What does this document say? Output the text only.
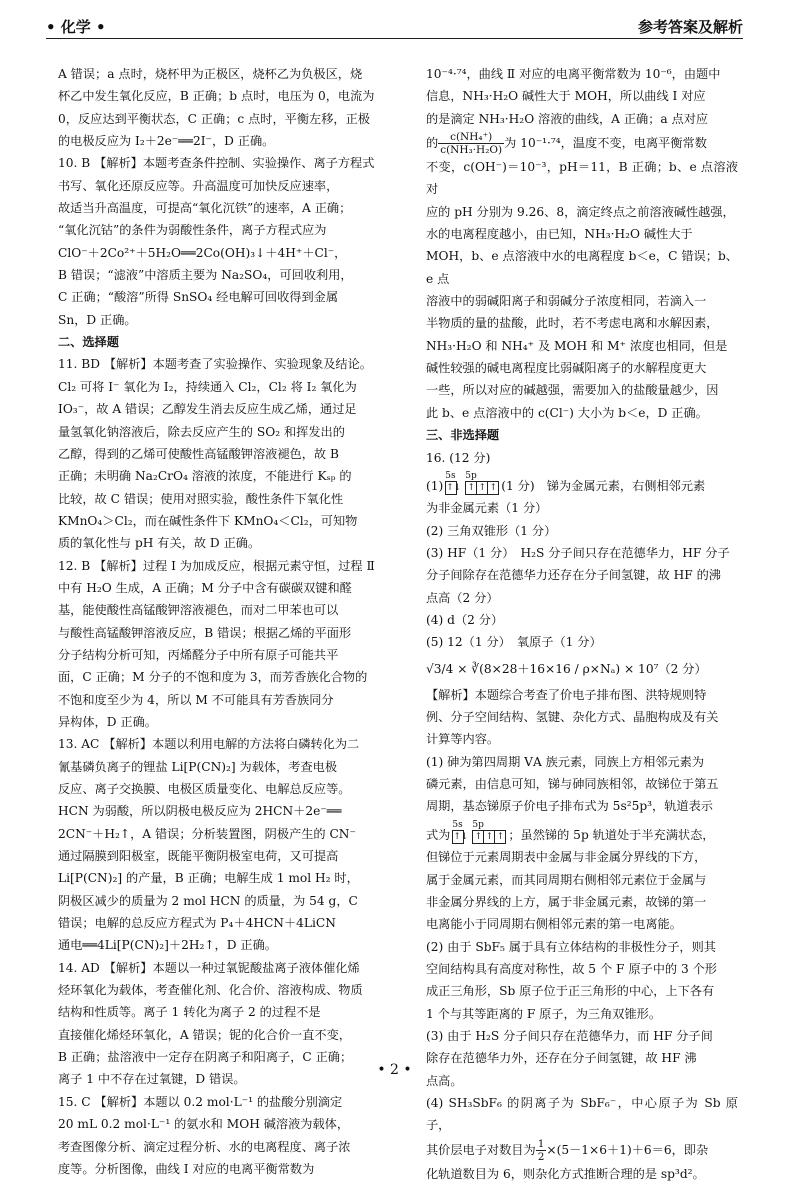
• 化学 •	参考答案及解析

A 错误；a 点时，烧杯甲为正极区，烧杯乙为负极区，烧

杯乙中发生氧化反应，B 正确；b 点时，电压为 0，电流为

0，反应达到平衡状态，C 正确；c 点时，平衡左移，正极

的电极反应为 I₂＋2e⁻══2I⁻，D 正确。

10. B 【解析】本题考查条件控制、实验操作、离子方程式

书写、氧化还原反应等。升高温度可加快反应速率，

故适当升高温度，可提高“氧化沉铁”的速率，A 正确；

“氧化沉钴”的条件为弱酸性条件，离子方程式应为

ClO⁻＋2Co²⁺＋5H₂O══2Co(OH)₃↓＋4H⁺＋Cl⁻，

B 错误；“滤液”中溶质主要为 Na₂SO₄，可回收利用，

C 正确；“酸溶”所得 SnSO₄ 经电解可回收得到金属

Sn，D 正确。

二、选择题

11. BD 【解析】本题考查了实验操作、实验现象及结论。

Cl₂ 可将 I⁻ 氧化为 I₂，持续通入 Cl₂，Cl₂ 将 I₂ 氧化为

IO₃⁻，故 A 错误；乙醇发生消去反应生成乙烯，通过足

量氢氧化钠溶液后，除去反应产生的 SO₂ 和挥发出的

乙醇，得到的乙烯可使酸性高锰酸钾溶液褪色，故 B

正确；未明确 Na₂CrO₄ 溶液的浓度，不能进行 Kₛₚ 的

比较，故 C 错误；使用对照实验，酸性条件下氧化性

KMnO₄＞Cl₂，而在碱性条件下 KMnO₄＜Cl₂，可知物

质的氧化性与 pH 有关，故 D 正确。

12. B 【解析】过程 Ⅰ 为加成反应，根据元素守恒，过程 Ⅱ

中有 H₂O 生成，A 正确；M 分子中含有碳碳双键和醛

基，能使酸性高锰酸钾溶液褪色，而对二甲苯也可以

与酸性高锰酸钾溶液反应，B 错误；根据乙烯的平面形

分子结构分析可知，丙烯醛分子中所有原子可能共平

面，C 正确；M 分子的不饱和度为 3，而芳香族化合物的

不饱和度至少为 4，所以 M 不可能具有芳香族同分

异构体，D 正确。

13. AC 【解析】本题以利用电解的方法将白磷转化为二

氰基磷负离子的锂盐 Li[P(CN)₂] 为载体，考查电极

反应、离子交换膜、电极区质量变化、电解总反应等。

HCN 为弱酸，所以阴极电极反应为 2HCN＋2e⁻══

2CN⁻＋H₂↑，A 错误；分析装置图，阴极产生的 CN⁻

通过隔膜到阳极室，既能平衡阴极室电荷，又可提高

Li[P(CN)₂] 的产量，B 正确；电解生成 1 mol H₂ 时，

阴极区减少的质量为 2 mol HCN 的质量，为 54 g，C

错误；电解的总反应方程式为 P₄＋4HCN＋4LiCN

通电══4Li[P(CN)₂]＋2H₂↑，D 正确。

14. AD 【解析】本题以一种过氧铌酸盐离子液体催化烯

烃环氧化为载体，考查催化剂、化合价、溶液构成、物质

结构和性质等。离子 1 转化为离子 2 的过程不是

直接催化烯烃环氧化，A 错误；铌的化合价一直不变，

B 正确；盐溶液中一定存在阴离子和阳离子，C 正确；

离子 1 中不存在过氧键，D 错误。

15. C 【解析】本题以 0.2 mol·L⁻¹ 的盐酸分别滴定

20 mL 0.2 mol·L⁻¹ 的氨水和 MOH 碱溶液为载体，

考查图像分析、滴定过程分析、水的电离程度、离子浓

度等。分析图像，曲线 Ⅰ 对应的电离平衡常数为

10⁻⁴·⁷⁴，曲线 Ⅱ 对应的电离平衡常数为 10⁻⁶，由题中

信息，NH₃·H₂O 碱性大于 MOH，所以曲线 Ⅰ 对应

的是滴定 NH₃·H₂O 溶液的曲线，A 正确；a 点对应

的 $\frac{\text{c(NH₄⁺)}}{\text{c(NH₃·H₂O)}}$ 为 10⁻¹·⁷⁴，温度不变，电离平衡常数

不变，c(OH⁻)＝10⁻³，pH＝11，B 正确；b、e 点溶液对

应的 pH 分别为 9.26、8，滴定终点之前溶液碱性越强，

水的电离程度越小，由已知，NH₃·H₂O 碱性大于

MOH，b、e 点溶液中水的电离程度 b＜e，C 错误；b、e 点

溶液中的弱碱阳离子和弱碱分子浓度相同，若滴入一

半物质的量的盐酸，此时，若不考虑电离和水解因素，

NH₃·H₂O 和 NH₄⁺ 及 MOH 和 M⁺ 浓度也相同，但是

碱性较强的碱电离程度比弱碱阳离子的水解程度更大

一些，所以对应的碱越强，需要加入的盐酸量越少，因

此 b、e 点溶液中的 c(Cl⁻) 大小为 b＜e，D 正确。

三、非选择题

16. (12 分)

(1)
5s
↑↓
5p
↑ ↑ ↑ (1 分)　锑为金属元素，右侧相邻元素

为非金属元素（1 分）

(2) 三角双锥形（1 分）

(3) HF（1 分）　H₂S 分子间只存在范德华力，HF 分子

分子间除存在范德华力还存在分子间氢键，故 HF 的沸

点高（2 分）

(4) d（2 分）

(5) 12（1 分）　氧原子（1 分）

√3/4 × ∛(8×28＋16×16 / ρ×Nₐ) × 10⁷（2 分）

【解析】本题综合考查了价电子排布图、洪特规则特

例、分子空间结构、氢键、杂化方式、晶胞构成及有关

计算等内容。

(1) 砷为第四周期 ⅤA 族元素，同族上方相邻元素为

磷元素，由信息可知，锑与砷同族相邻，故锑位于第五

周期，基态锑原子价电子排布式为 5s²5p³，轨道表示

式为
5s
↑↓
5p
↑ ↑ ↑ ；虽然锑的 5p 轨道处于半充满状态，

但锑位于元素周期表中金属与非金属分界线的下方，

属于金属元素，而其同周期右侧相邻元素位于金属与

非金属分界线的上方，属于非金属元素，故锑的第一

电离能小于同周期右侧相邻元素的第一电离能。

(2) 由于 SbF₅ 属于具有立体结构的非极性分子，则其

空间结构具有高度对称性，故 5 个 F 原子中的 3 个形

成正三角形，Sb 原子位于正三角形的中心，上下各有

1 个与其等距离的 F 原子，为三角双锥形。

(3) 由于 H₂S 分子间只存在范德华力，而 HF 分子间

除存在范德华力外，还存在分子间氢键，故 HF 沸

点高。

(4) SH₃SbF₆ 的阴离子为 SbF₆⁻，中心原子为 Sb 原子，

其价层电子对数目为 $\frac{1}{2} \times(5-1\times 6+1)+6=6$，即杂

化轨道数目为 6，则杂化方式推断合理的是 sp³d²。

• 2 •
